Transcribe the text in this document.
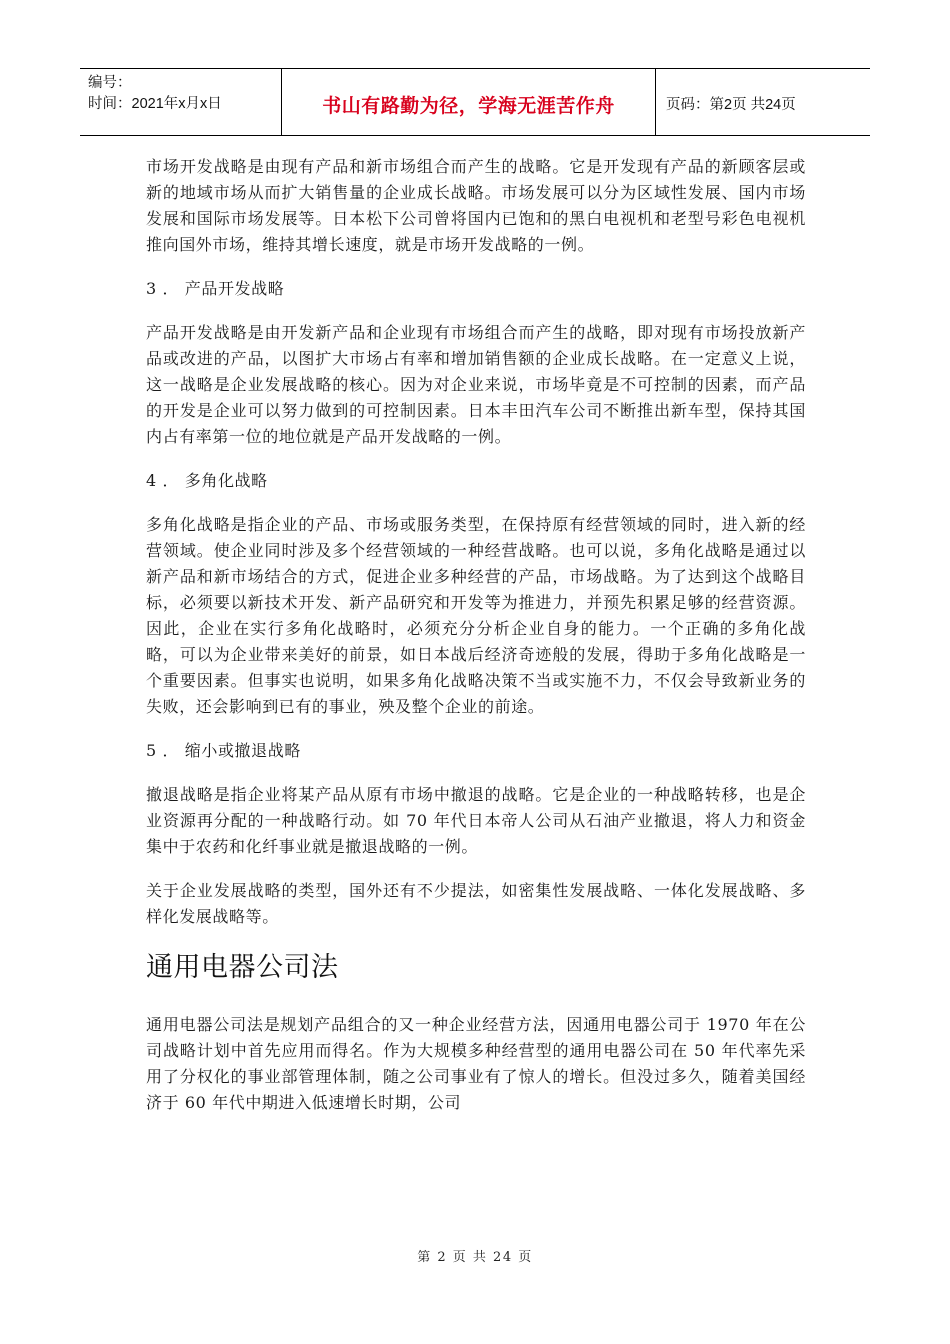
编号：
时间：2021年x月x日	书山有路勤为径，学海无涯苦作舟	页码：第2页 共24页

市场开发战略是由现有产品和新市场组合而产生的战略。它是开发现有产品的新顾客层或新的地域市场从而扩大销售量的企业成长战略。市场发展可以分为区域性发展、国内市场发展和国际市场发展等。日本松下公司曾将国内已饱和的黑白电视机和老型号彩色电视机推向国外市场，维持其增长速度，就是市场开发战略的一例。

3 ． 产品开发战略

产品开发战略是由开发新产品和企业现有市场组合而产生的战略，即对现有市场投放新产品或改进的产品，以图扩大市场占有率和增加销售额的企业成长战略。在一定意义上说，这一战略是企业发展战略的核心。因为对企业来说，市场毕竟是不可控制的因素，而产品的开发是企业可以努力做到的可控制因素。日本丰田汽车公司不断推出新车型，保持其国内占有率第一位的地位就是产品开发战略的一例。

4 ． 多角化战略

多角化战略是指企业的产品、市场或服务类型，在保持原有经营领域的同时，进入新的经营领域。使企业同时涉及多个经营领域的一种经营战略。也可以说，多角化战略是通过以新产品和新市场结合的方式，促进企业多种经营的产品，市场战略。为了达到这个战略目标，必须要以新技术开发、新产品研究和开发等为推进力，并预先积累足够的经营资源。因此，企业在实行多角化战略时，必须充分分析企业自身的能力。一个正确的多角化战略，可以为企业带来美好的前景，如日本战后经济奇迹般的发展，得助于多角化战略是一个重要因素。但事实也说明，如果多角化战略决策不当或实施不力，不仅会导致新业务的失败，还会影响到已有的事业，殃及整个企业的前途。

5 ． 缩小或撤退战略

撤退战略是指企业将某产品从原有市场中撤退的战略。它是企业的一种战略转移，也是企业资源再分配的一种战略行动。如 70 年代日本帝人公司从石油产业撤退，将人力和资金集中于农药和化纤事业就是撤退战略的一例。

关于企业发展战略的类型，国外还有不少提法，如密集性发展战略、一体化发展战略、多样化发展战略等。

通用电器公司法

通用电器公司法是规划产品组合的又一种企业经营方法，因通用电器公司于 1970 年在公司战略计划中首先应用而得名。作为大规模多种经营型的通用电器公司在 50 年代率先采用了分权化的事业部管理体制，随之公司事业有了惊人的增长。但没过多久，随着美国经济于 60 年代中期进入低速增长时期，公司

第 2 页 共 24 页
